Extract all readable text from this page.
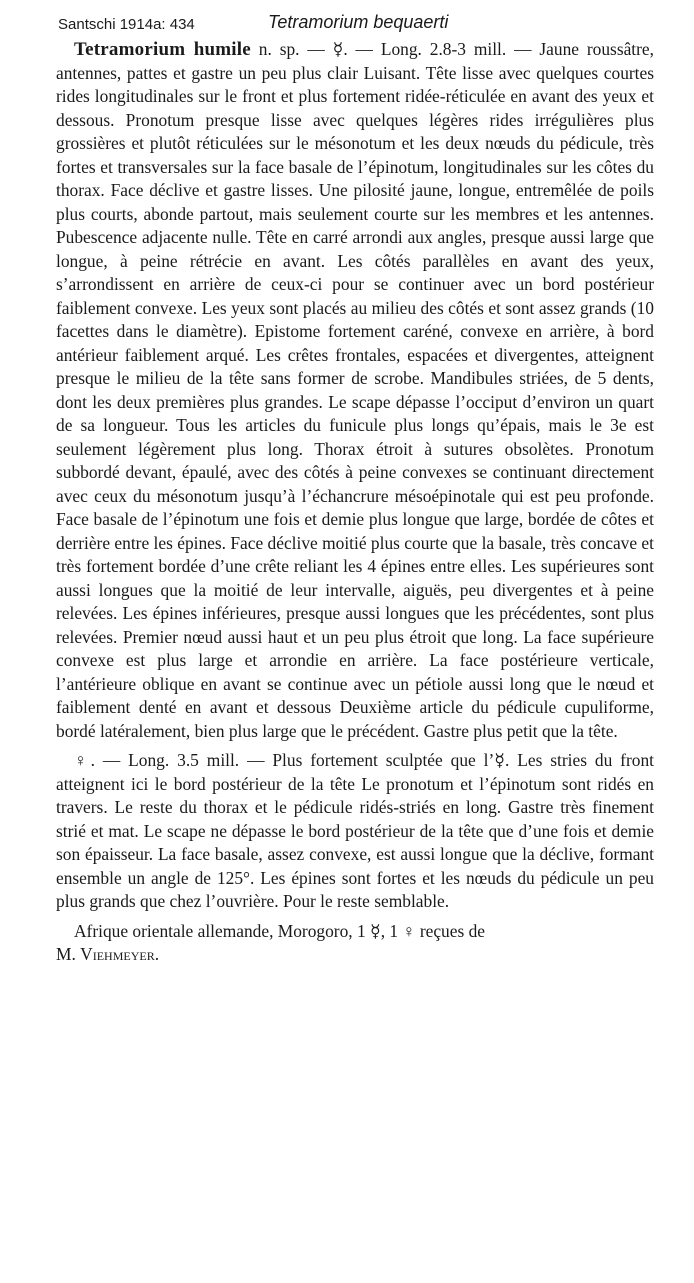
Santschi 1914a: 434	Tetramorium bequaerti

Tetramorium humile n. sp. — ☿. — Long. 2.8-3 mill. — Jaune roussâtre, antennes, pattes et gastre un peu plus clair Luisant. Tête lisse avec quelques courtes rides longitudinales sur le front et plus fortement ridée-réticulée en avant des yeux et dessous. Pronotum presque lisse avec quelques légères rides irrégulières plus grossières et plutôt réticulées sur le mésonotum et les deux nœuds du pédicule, très fortes et transversales sur la face basale de l’épinotum, longitudinales sur les côtes du thorax. Face déclive et gastre lisses. Une pilosité jaune, longue, entremêlée de poils plus courts, abonde partout, mais seulement courte sur les membres et les antennes. Pubescence adjacente nulle. Tête en carré arrondi aux angles, presque aussi large que longue, à peine rétrécie en avant. Les côtés parallèles en avant des yeux, s’arrondissent en arrière de ceux-ci pour se continuer avec un bord postérieur faiblement convexe. Les yeux sont placés au milieu des côtés et sont assez grands (10 facettes dans le diamètre). Epistome fortement caréné, convexe en arrière, à bord antérieur faiblement arqué. Les crêtes frontales, espacées et divergentes, atteignent presque le milieu de la tête sans former de scrobe. Mandibules striées, de 5 dents, dont les deux premières plus grandes. Le scape dépasse l’occiput d’environ un quart de sa longueur. Tous les articles du funicule plus longs qu’épais, mais le 3e est seulement légèrement plus long. Thorax étroit à sutures obsolètes. Pronotum subbordé devant, épaulé, avec des côtés à peine convexes se continuant directement avec ceux du mésonotum jusqu’à l’échancrure mésoépinotale qui est peu profonde. Face basale de l’épinotum une fois et demie plus longue que large, bordée de côtes et derrière entre les épines. Face déclive moitié plus courte que la basale, très concave et très fortement bordée d’une crête reliant les 4 épines entre elles. Les supérieures sont aussi longues que la moitié de leur intervalle, aiguës, peu divergentes et à peine relevées. Les épines inférieures, presque aussi longues que les précédentes, sont plus relevées. Premier nœud aussi haut et un peu plus étroit que long. La face supérieure convexe est plus large et arrondie en arrière. La face postérieure verticale, l’antérieure oblique en avant se continue avec un pétiole aussi long que le nœud et faiblement denté en avant et dessous Deuxième article du pédicule cupuliforme, bordé latéralement, bien plus large que le précédent. Gastre plus petit que la tête.

♀. — Long. 3.5 mill. — Plus fortement sculptée que l’☿. Les stries du front atteignent ici le bord postérieur de la tête Le pronotum et l’épinotum sont ridés en travers. Le reste du thorax et le pédicule ridés-striés en long. Gastre très finement strié et mat. Le scape ne dépasse le bord postérieur de la tête que d’une fois et demie son épaisseur. La face basale, assez convexe, est aussi longue que la déclive, formant ensemble un angle de 125°. Les épines sont fortes et les nœuds du pédicule un peu plus grands que chez l’ouvrière. Pour le reste semblable.

Afrique orientale allemande, Morogoro, 1 ☿, 1 ♀ reçues de
M. Viehmeyer.
